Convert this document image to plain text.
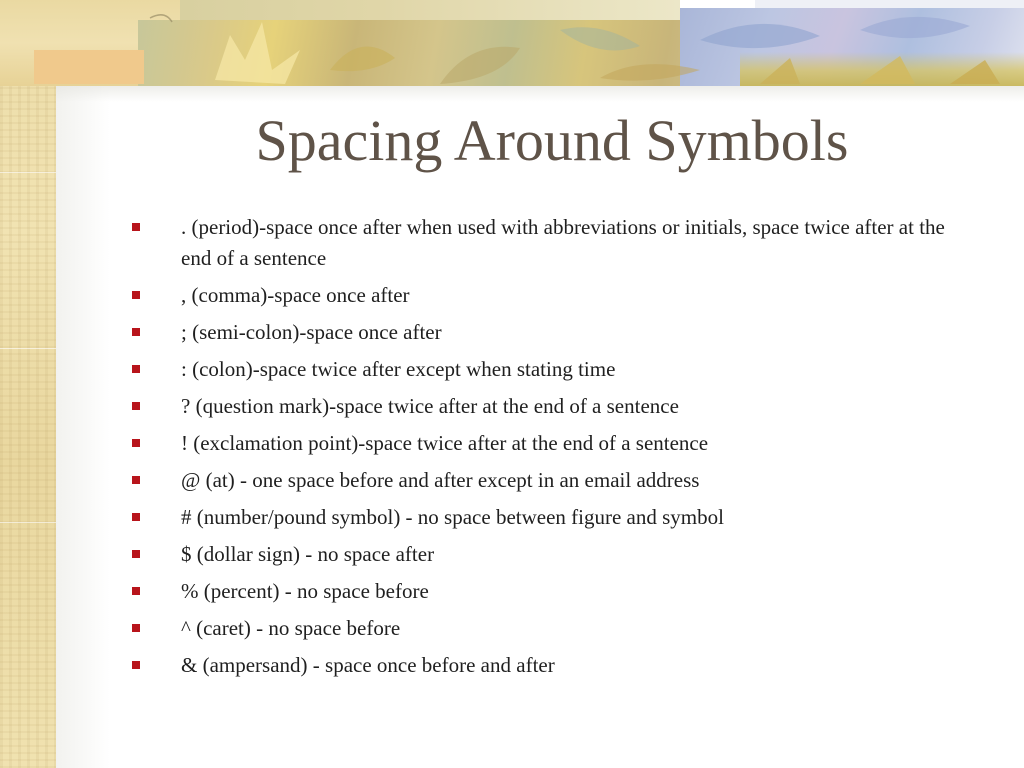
Spacing Around Symbols
. (period)-space once after when used with abbreviations or initials, space twice after at the end of a sentence
, (comma)-space once after
; (semi-colon)-space once after
: (colon)-space twice after except when stating time
? (question mark)-space twice after at the end of a sentence
! (exclamation point)-space twice after at the end of a sentence
@ (at) - one space before and after except in an email address
# (number/pound symbol) - no space between figure and symbol
$ (dollar sign) - no space after
% (percent) - no space before
^ (caret) - no space before
& (ampersand) - space once before and after
